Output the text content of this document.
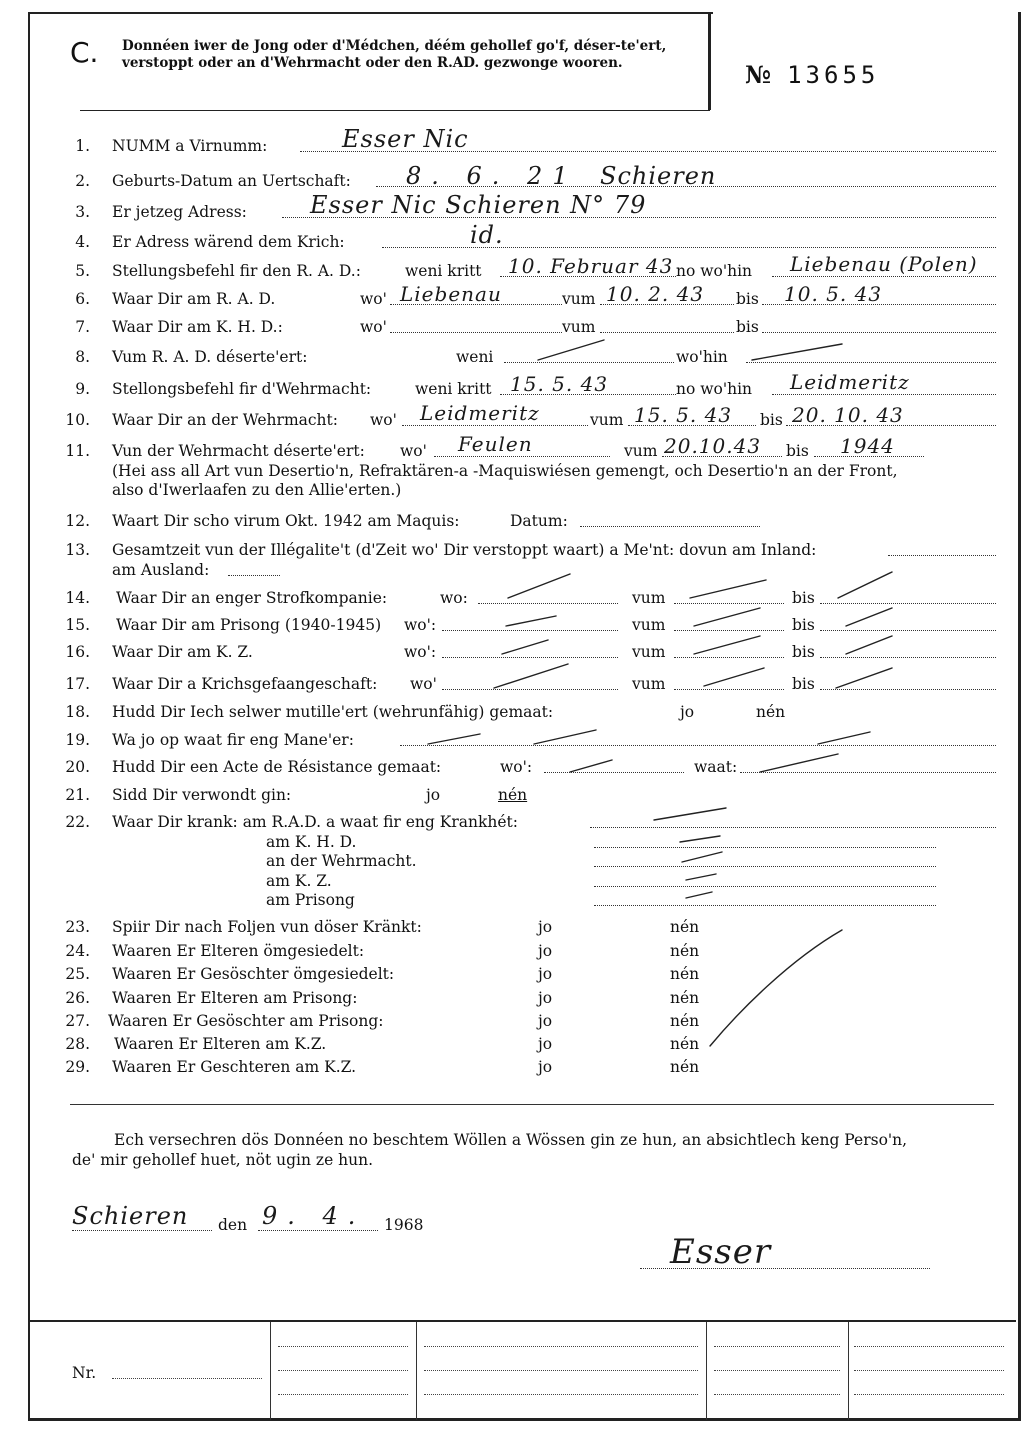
C. Donnéen iwer de Jong oder d'Médchen, déém gehollef go'f, déser-te'ert, verstoppt oder an d'Wehrmacht oder den R.AD. gezwonge wooren.	№ 13655
1. NUMM a Virnumm:	Esser Nic
2. Geburts-Datum an Uertschaft: 8. 6. 21 Schieren
3. Er jetzeg Adress:	Esser Nic Schieren N° 79
4. Er Adress wärend dem Krich:	id.
5. Stellungsbefehl fir den R. A. D.:	weni kritt 10. Februar 43 no wo'hin Liebenau (Polen)
6. Waar Dir am R. A. D.	wo' Liebenau	vum 10. 2. 43 bis 10. 5. 43
7. Waar Dir am K. H. D.:	wo'	vum	bis
8. Vum R. A. D. déserte'ert:	weni	wo'hin
9. Stellongsbefehl fir d'Wehrmacht:	weni kritt 15. 5. 43	no wo'hin Leidmeritz
10. Waar Dir an der Wehrmacht: wo' Leidmeritz	vum 15. 5. 43 bis 20. 10. 43
11. Vun der Wehrmacht déserte'ert: wo' Feulen	vum 20.10.43 bis 1944
(Hei ass all Art vun Desertio'n, Refraktären-a -Maquiswiésen gemengt, och Desertio'n an der Front, also d'Iwerlaafen zu den Allie'erten.)
12. Waart Dir scho virum Okt. 1942 am Maquis:	Datum:
13. Gesamtzeit vun der Illégalite't (d'Zeit wo' Dir verstoppt waart) a Me'nt: dovun am Inland:
am Ausland:
14. Waar Dir an enger Strofkompanie:	wo:	vum	bis
15. Waar Dir am Prisong (1940-1945) wo':	vum	bis
16. Waar Dir am K. Z.	wo':	vum	bis
17. Waar Dir a Krichsgefaangeschaft: wo'	vum	bis
18. Hudd Dir Iech selwer mutille'ert (wehrunfähig) gemaat:	jo	nén
19. Wa jo op waat fir eng Mane'er:
20. Hudd Dir een Acte de Résistance gemaat:	wo':	waat:
21. Sidd Dir verwondt gin:	jo	nén
22. Waar Dir krank: am R.A.D. a waat fir eng Krankhét:
am K. H. D.
an der Wehrmacht.
am K. Z.
am Prisong
23. Spiir Dir nach Foljen vun döser Kränkt:	jo	nén
24. Waaren Er Elteren ömgesiedelt:	jo	nén
25. Waaren Er Gesöschter ömgesiedelt:	jo	nén
26. Waaren Er Elteren am Prisong:	jo	nén
27. Waaren Er Gesöschter am Prisong:	jo	nén
28. Waaren Er Elteren am K.Z.	jo	nén
29. Waaren Er Geschteren am K.Z.	jo	nén
Ech versechren dös Donnéen no beschtem Wöllen a Wössen gin ze hun, an absichtlech keng Perso'n, de' mir gehollef huet, nöt ugin ze hun.
Schieren den 9. 4. 1968
Esser
Nr.
